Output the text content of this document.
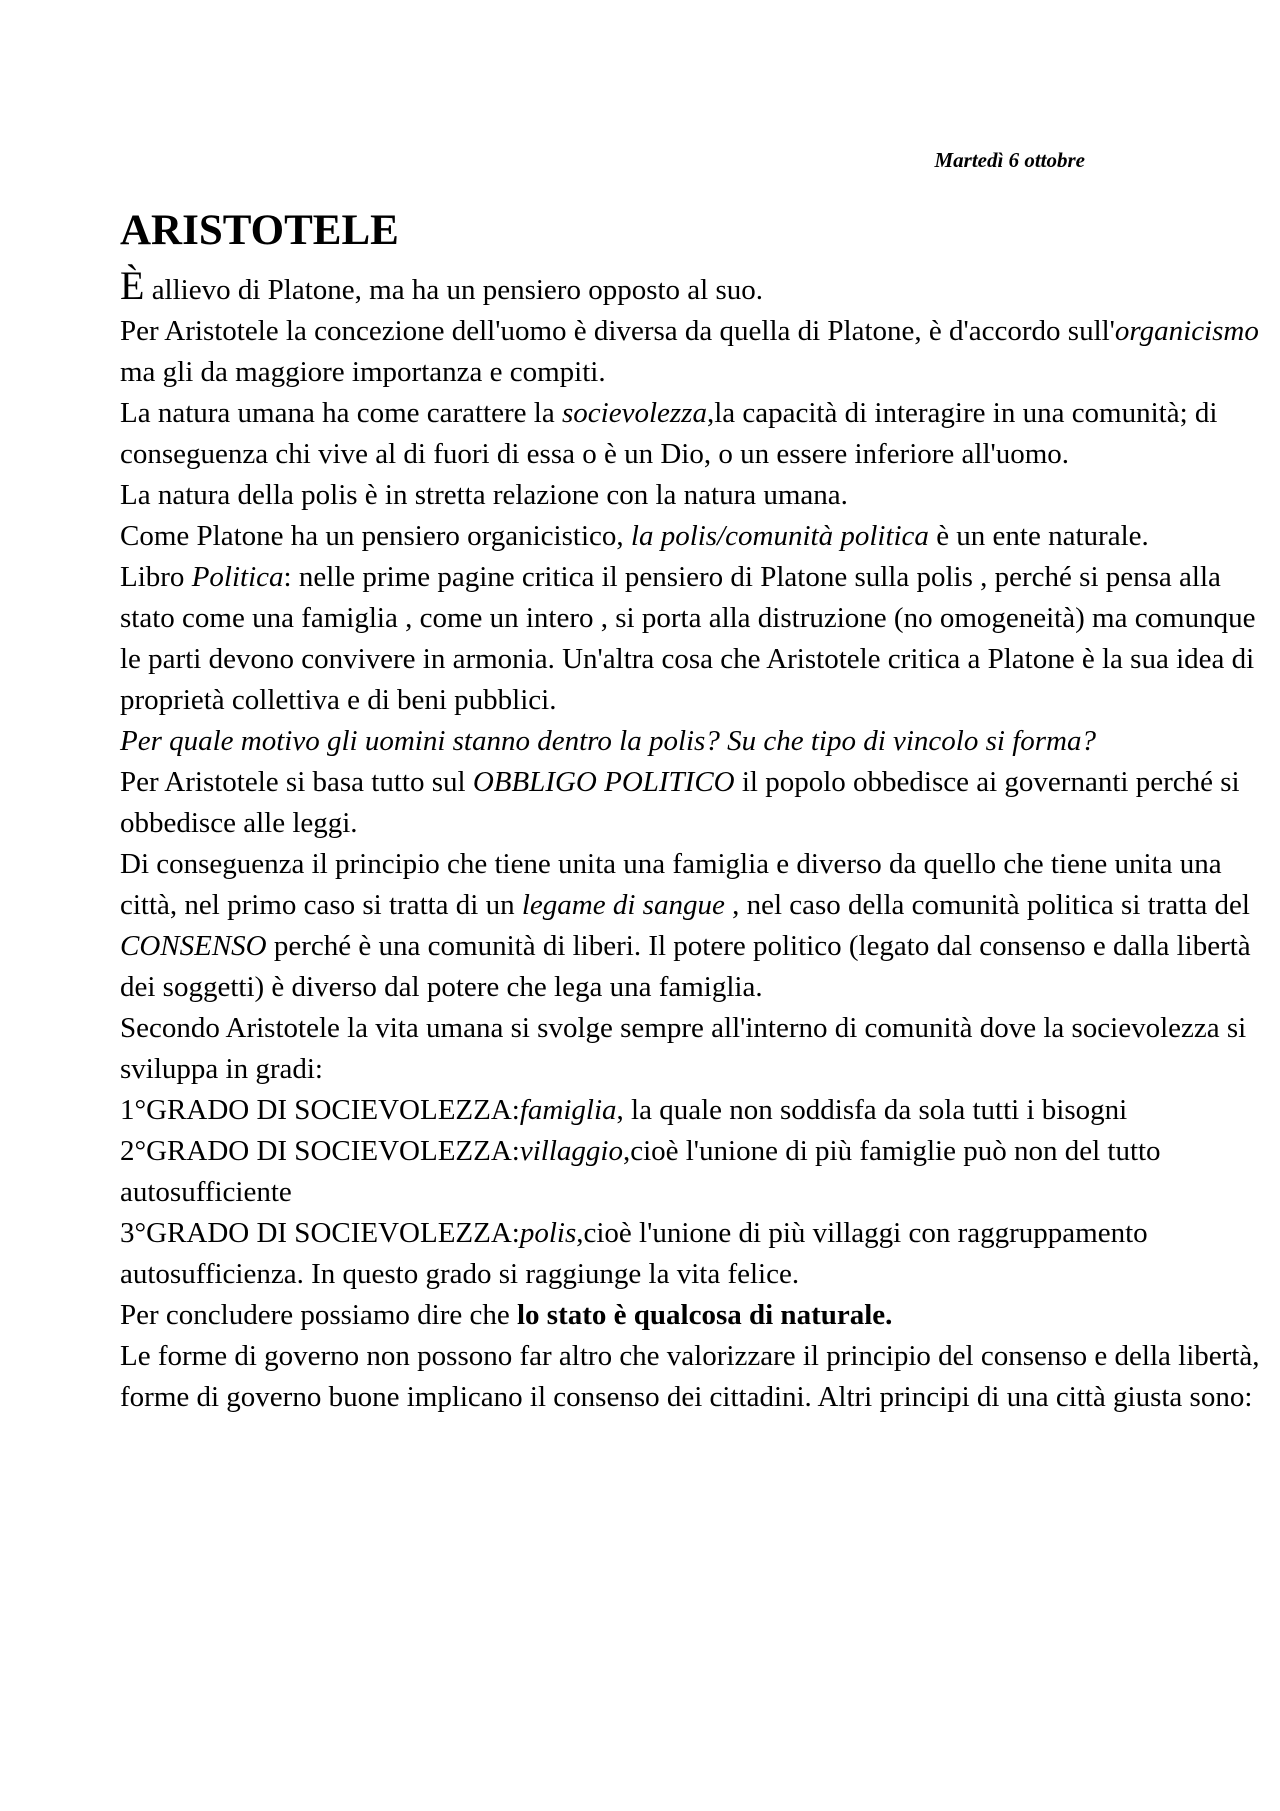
Martedì 6 ottobre
ARISTOTELE

È allievo di Platone, ma ha un pensiero opposto al suo.

Per Aristotele la concezione dell'uomo è diversa da quella di Platone, è d'accordo sull'organicismo ma gli da maggiore importanza e compiti.

La natura umana ha come carattere la socievolezza,la capacità di interagire in una comunità; di conseguenza chi vive al di fuori di essa o è un Dio, o un essere inferiore all'uomo.

La natura della polis è in stretta relazione con la natura umana.

Come Platone ha un pensiero organicistico, la polis/comunità politica è un ente naturale.

Libro Politica: nelle prime pagine critica il pensiero di Platone sulla polis , perché si pensa alla stato come una famiglia , come un intero , si porta alla distruzione (no omogeneità) ma comunque le parti devono convivere in armonia. Un'altra cosa che Aristotele critica a Platone è la sua idea di proprietà collettiva e di beni pubblici.

Per quale motivo gli uomini stanno dentro la polis? Su che tipo di vincolo si forma?

Per Aristotele si basa tutto sul OBBLIGO POLITICO il popolo obbedisce ai governanti perché si obbedisce alle leggi.

Di conseguenza il principio che tiene unita una famiglia e diverso da quello che tiene unita una città, nel primo caso si tratta di un legame di sangue , nel caso della comunità politica si tratta del CONSENSO perché è una comunità di liberi. Il potere politico (legato dal consenso e dalla libertà dei soggetti) è diverso dal potere che lega una famiglia.

Secondo Aristotele la vita umana si svolge sempre all'interno di comunità dove la socievolezza si sviluppa in gradi:

1°GRADO DI SOCIEVOLEZZA:famiglia, la quale non soddisfa da sola tutti i bisogni

2°GRADO DI SOCIEVOLEZZA:villaggio,cioè l'unione di più famiglie può non del tutto autosufficiente

3°GRADO DI SOCIEVOLEZZA:polis,cioè l'unione di più villaggi con raggruppamento autosufficienza. In questo grado si raggiunge la vita felice.

Per concludere possiamo dire che lo stato è qualcosa di naturale.

Le forme di governo non possono far altro che valorizzare il principio del consenso e della libertà, forme di governo buone implicano il consenso dei cittadini. Altri principi di una città giusta sono:
